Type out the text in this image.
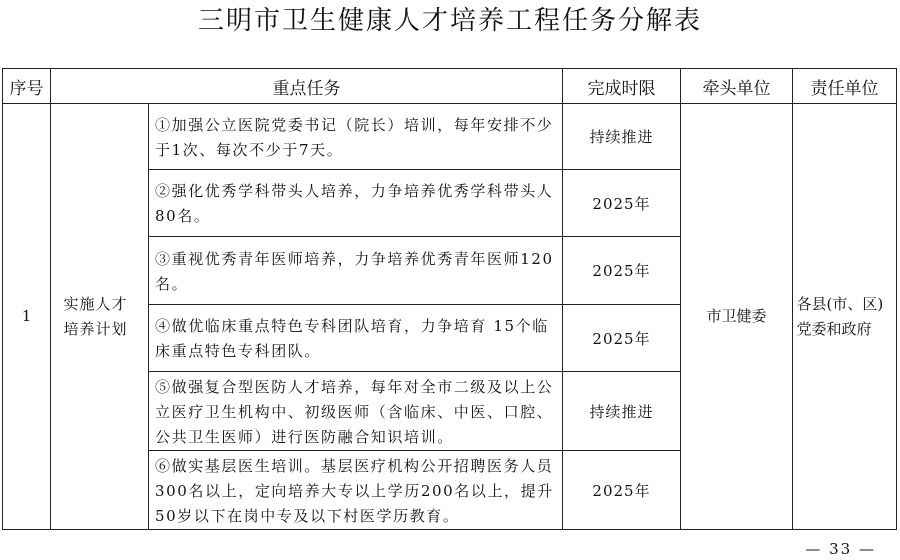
三明市卫生健康人才培养工程任务分解表
序号	重点任务		完成时限	牵头单位	责任单位
1	实施人才培养计划	①加强公立医院党委书记（院长）培训，每年安排不少于1次、每次不少于7天。	持续推进	市卫健委	各县(市、区)党委和政府
		②强化优秀学科带头人培养，力争培养优秀学科带头人80名。	2025年		
		③重视优秀青年医师培养，力争培养优秀青年医师120名。	2025年		
		④做优临床重点特色专科团队培育，力争培育 15个临床重点特色专科团队。	2025年		
		⑤做强复合型医防人才培养，每年对全市二级及以上公立医疗卫生机构中、初级医师（含临床、中医、口腔、公共卫生医师）进行医防融合知识培训。	持续推进		
		⑥做实基层医生培训。基层医疗机构公开招聘医务人员300名以上，定向培养大专以上学历200名以上，提升50岁以下在岗中专及以下村医学历教育。	2025年		
— 33 —
